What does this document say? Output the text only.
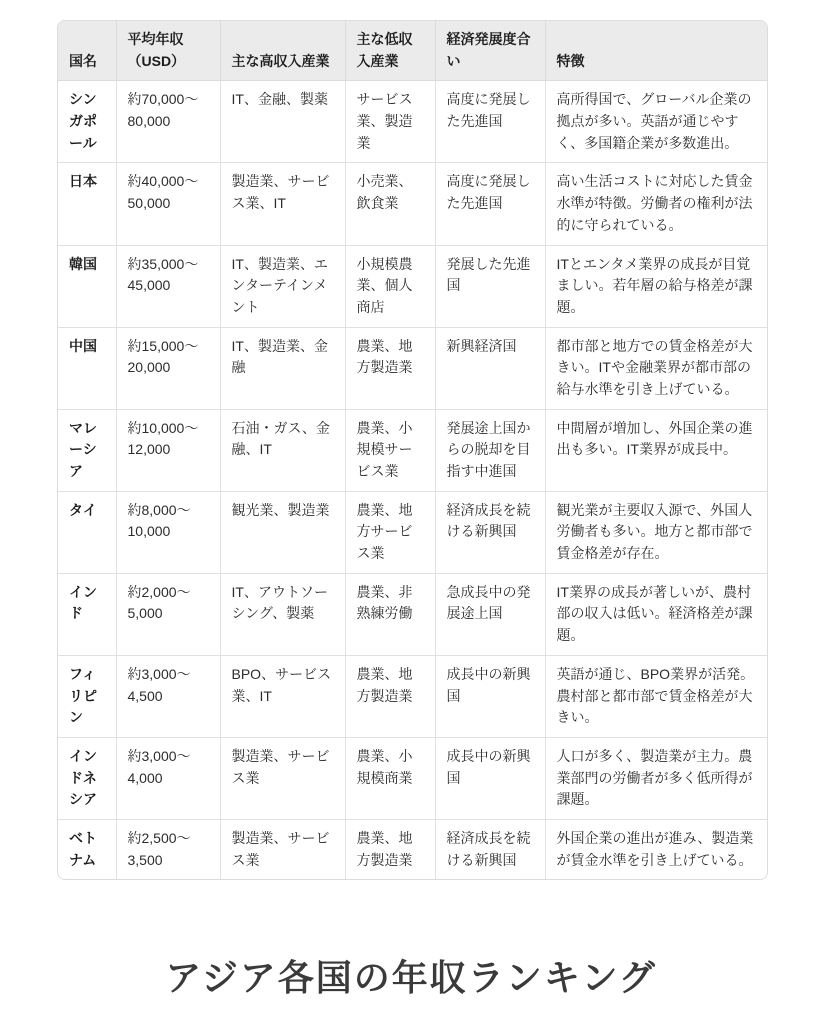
国名	平均年収（USD）	主な高収入産業	主な低収入産業	経済発展度合い	特徴
シンガポール	約70,000〜80,000	IT、金融、製薬	サービス業、製造業	高度に発展した先進国	高所得国で、グローバル企業の拠点が多い。英語が通じやすく、多国籍企業が多数進出。
日本	約40,000〜50,000	製造業、サービス業、IT	小売業、飲食業	高度に発展した先進国	高い生活コストに対応した賃金水準が特徴。労働者の権利が法的に守られている。
韓国	約35,000〜45,000	IT、製造業、エンターテインメント	小規模農業、個人商店	発展した先進国	ITとエンタメ業界の成長が目覚ましい。若年層の給与格差が課題。
中国	約15,000〜20,000	IT、製造業、金融	農業、地方製造業	新興経済国	都市部と地方での賃金格差が大きい。ITや金融業界が都市部の給与水準を引き上げている。
マレーシア	約10,000〜12,000	石油・ガス、金融、IT	農業、小規模サービス業	発展途上国からの脱却を目指す中進国	中間層が増加し、外国企業の進出も多い。IT業界が成長中。
タイ	約8,000〜10,000	観光業、製造業	農業、地方サービス業	経済成長を続ける新興国	観光業が主要収入源で、外国人労働者も多い。地方と都市部で賃金格差が存在。
インド	約2,000〜5,000	IT、アウトソーシング、製薬	農業、非熟練労働	急成長中の発展途上国	IT業界の成長が著しいが、農村部の収入は低い。経済格差が課題。
フィリピン	約3,000〜4,500	BPO、サービス業、IT	農業、地方製造業	成長中の新興国	英語が通じ、BPO業界が活発。農村部と都市部で賃金格差が大きい。
インドネシア	約3,000〜4,000	製造業、サービス業	農業、小規模商業	成長中の新興国	人口が多く、製造業が主力。農業部門の労働者が多く低所得が課題。
ベトナム	約2,500〜3,500	製造業、サービス業	農業、地方製造業	経済成長を続ける新興国	外国企業の進出が進み、製造業が賃金水準を引き上げている。
アジア各国の年収ランキング
